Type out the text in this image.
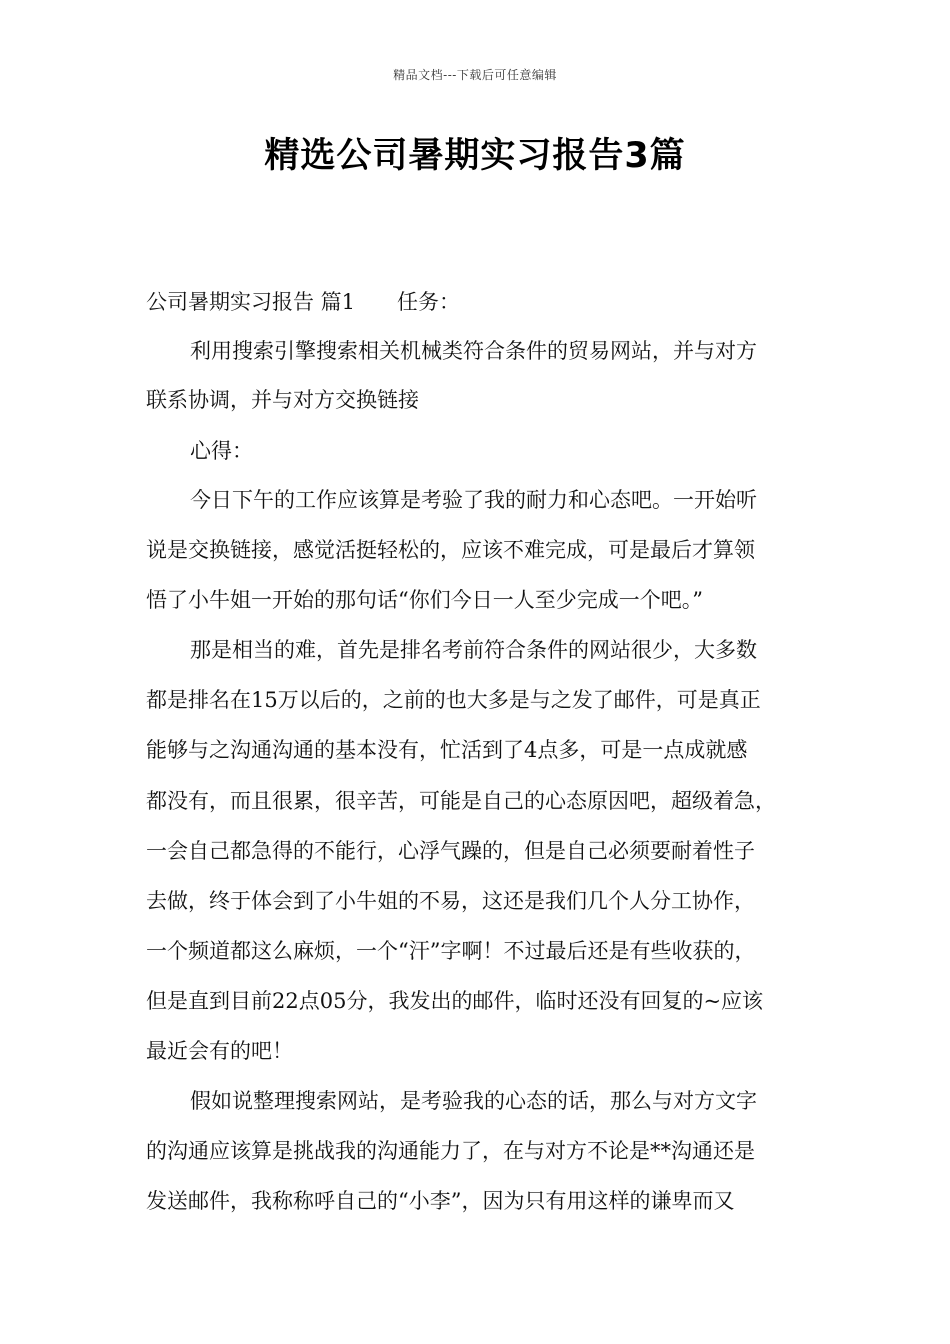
精品文档---下载后可任意编辑
精选公司暑期实习报告3篇
公司暑期实习报告 篇1　　任务：
利用搜索引擎搜索相关机械类符合条件的贸易网站，并与对方
联系协调，并与对方交换链接
心得：
今日下午的工作应该算是考验了我的耐力和心态吧。一开始听
说是交换链接，感觉活挺轻松的，应该不难完成，可是最后才算领
悟了小牛姐一开始的那句话“你们今日一人至少完成一个吧。”
那是相当的难，首先是排名考前符合条件的网站很少，大多数
都是排名在15万以后的，之前的也大多是与之发了邮件，可是真正
能够与之沟通沟通的基本没有，忙活到了4点多，可是一点成就感
都没有，而且很累，很辛苦，可能是自己的心态原因吧，超级着急，
一会自己都急得的不能行，心浮气躁的，但是自己必须要耐着性子
去做，终于体会到了小牛姐的不易，这还是我们几个人分工协作，
一个频道都这么麻烦，一个“汗”字啊！不过最后还是有些收获的，
但是直到目前22点05分，我发出的邮件，临时还没有回复的~应该
最近会有的吧！
假如说整理搜索网站，是考验我的心态的话，那么与对方文字
的沟通应该算是挑战我的沟通能力了，在与对方不论是**沟通还是
发送邮件，我称称呼自己的“小李”，因为只有用这样的谦卑而又
